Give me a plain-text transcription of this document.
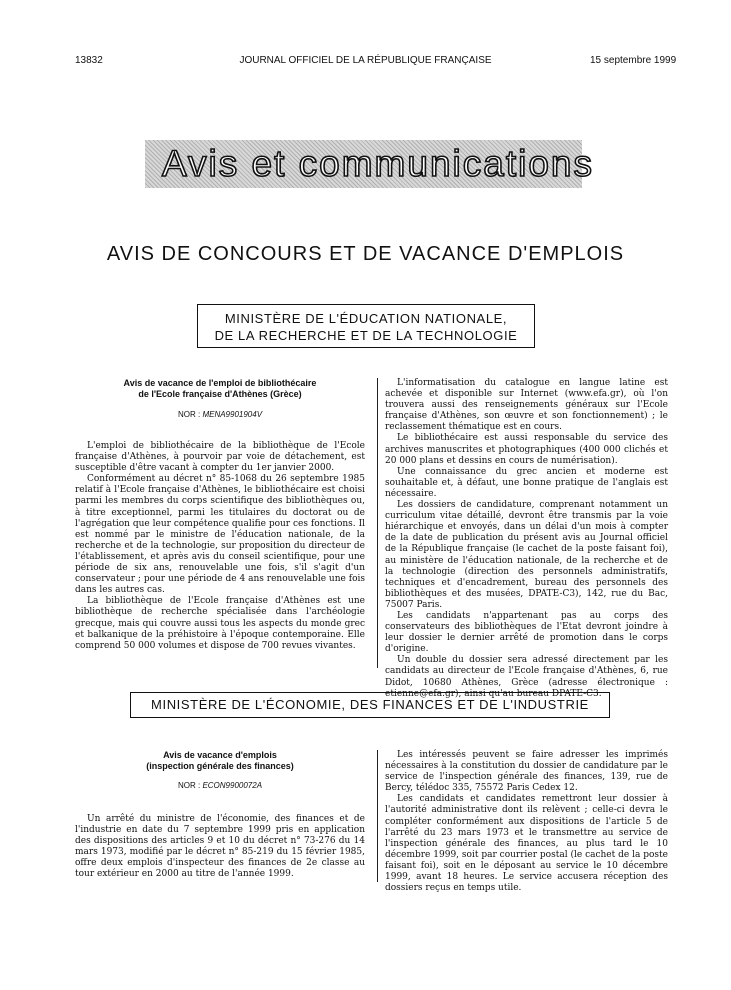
13832	JOURNAL OFFICIEL DE LA RÉPUBLIQUE FRANÇAISE	15 septembre 1999
Avis et communications
AVIS DE CONCOURS ET DE VACANCE D'EMPLOIS
MINISTÈRE DE L'ÉDUCATION NATIONALE,
DE LA RECHERCHE ET DE LA TECHNOLOGIE
Avis de vacance de l'emploi de bibliothécaire
de l'Ecole française d'Athènes (Grèce)
NOR : MENA9901904V

L'emploi de bibliothécaire de la bibliothèque de l'Ecole française d'Athènes, à pourvoir par voie de détachement, est susceptible d'être vacant à compter du 1er janvier 2000.

Conformément au décret n° 85-1068 du 26 septembre 1985 relatif à l'Ecole française d'Athènes, le bibliothécaire est choisi parmi les membres du corps scientifique des bibliothèques ou, à titre exceptionnel, parmi les titulaires du doctorat ou de l'agrégation que leur compétence qualifie pour ces fonctions. Il est nommé par le ministre de l'éducation nationale, de la recherche et de la technologie, sur proposition du directeur de l'établissement, et après avis du conseil scientifique, pour une période de six ans, renouvelable une fois, s'il s'agit d'un conservateur ; pour une période de 4 ans renouvelable une fois dans les autres cas.

La bibliothèque de l'Ecole française d'Athènes est une bibliothèque de recherche spécialisée dans l'archéologie grecque, mais qui couvre aussi tous les aspects du monde grec et balkanique de la préhistoire à l'époque contemporaine. Elle comprend 50 000 volumes et dispose de 700 revues vivantes.

L'informatisation du catalogue en langue latine est achevée et disponible sur Internet (www.efa.gr), où l'on trouvera aussi des renseignements généraux sur l'Ecole française d'Athènes, son œuvre et son fonctionnement) ; le reclassement thématique est en cours.

Le bibliothécaire est aussi responsable du service des archives manuscrites et photographiques (400 000 clichés et 20 000 plans et dessins en cours de numérisation).

Une connaissance du grec ancien et moderne est souhaitable et, à défaut, une bonne pratique de l'anglais est nécessaire.

Les dossiers de candidature, comprenant notamment un curriculum vitae détaillé, devront être transmis par la voie hiérarchique et envoyés, dans un délai d'un mois à compter de la date de publication du présent avis au Journal officiel de la République française (le cachet de la poste faisant foi), au ministère de l'éducation nationale, de la recherche et de la technologie (direction des personnels administratifs, techniques et d'encadrement, bureau des personnels des bibliothèques et des musées, DPATE-C3), 142, rue du Bac, 75007 Paris.

Les candidats n'appartenant pas au corps des conservateurs des bibliothèques de l'Etat devront joindre à leur dossier le dernier arrêté de promotion dans le corps d'origine.

Un double du dossier sera adressé directement par les candidats au directeur de l'Ecole française d'Athènes, 6, rue Didot, 10680 Athènes, Grèce (adresse électronique : etienne@efa.gr), ainsi qu'au bureau DPATE-C3.

MINISTÈRE DE L'ÉCONOMIE, DES FINANCES ET DE L'INDUSTRIE
Avis de vacance d'emplois
(inspection générale des finances)
NOR : ECON9900072A

Un arrêté du ministre de l'économie, des finances et de l'industrie en date du 7 septembre 1999 pris en application des dispositions des articles 9 et 10 du décret n° 73-276 du 14 mars 1973, modifié par le décret n° 85-219 du 15 février 1985, offre deux emplois d'inspecteur des finances de 2e classe au tour extérieur en 2000 au titre de l'année 1999.

Les intéressés peuvent se faire adresser les imprimés nécessaires à la constitution du dossier de candidature par le service de l'inspection générale des finances, 139, rue de Bercy, télédoc 335, 75572 Paris Cedex 12.

Les candidats et candidates remettront leur dossier à l'autorité administrative dont ils relèvent ; celle-ci devra le compléter conformément aux dispositions de l'article 5 de l'arrêté du 23 mars 1973 et le transmettre au service de l'inspection générale des finances, au plus tard le 10 décembre 1999, soit par courrier postal (le cachet de la poste faisant foi), soit en le déposant au service le 10 décembre 1999, avant 18 heures. Le service accusera réception des dossiers reçus en temps utile.
